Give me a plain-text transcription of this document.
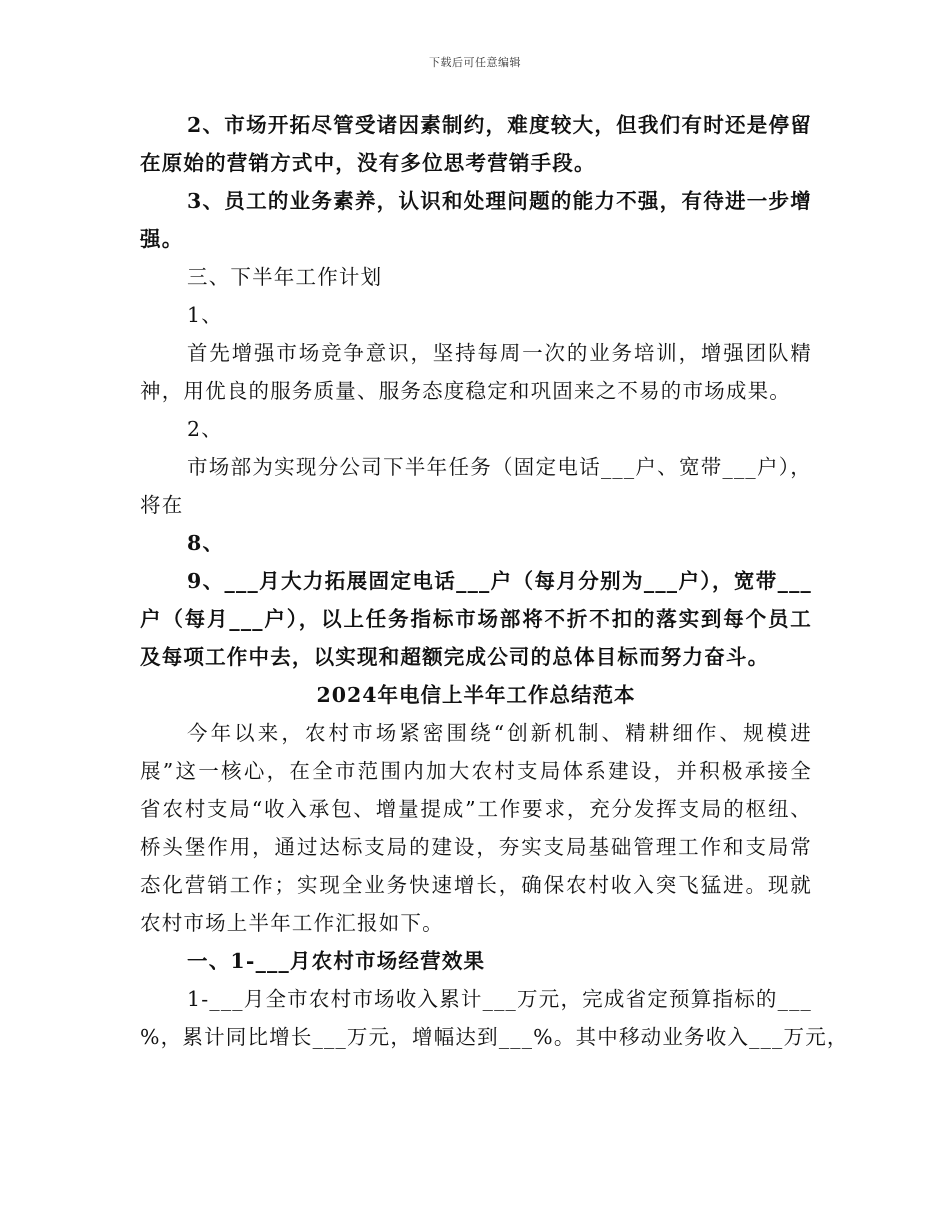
下载后可任意编辑
2、市场开拓尽管受诸因素制约，难度较大，但我们有时还是停留
在原始的营销方式中，没有多位思考营销手段。
3、员工的业务素养，认识和处理问题的能力不强，有待进一步增
强。
三、下半年工作计划
1、
首先增强市场竞争意识，坚持每周一次的业务培训，增强团队精
神，用优良的服务质量、服务态度稳定和巩固来之不易的市场成果。
2、
市场部为实现分公司下半年任务（固定电话___户、宽带___户），
将在
8、
9、___月大力拓展固定电话___户（每月分别为___户），宽带___
户（每月___户），以上任务指标市场部将不折不扣的落实到每个员工
及每项工作中去，以实现和超额完成公司的总体目标而努力奋斗。
2024年电信上半年工作总结范本
今年以来，农村市场紧密围绕“创新机制、精耕细作、规模进
展”这一核心，在全市范围内加大农村支局体系建设，并积极承接全
省农村支局“收入承包、增量提成”工作要求，充分发挥支局的枢纽、
桥头堡作用，通过达标支局的建设，夯实支局基础管理工作和支局常
态化营销工作；实现全业务快速增长，确保农村收入突飞猛进。现就
农村市场上半年工作汇报如下。
一、1-___月农村市场经营效果
1-___月全市农村市场收入累计___万元，完成省定预算指标的___
%，累计同比增长___万元，增幅达到___%。其中移动业务收入___万元，
